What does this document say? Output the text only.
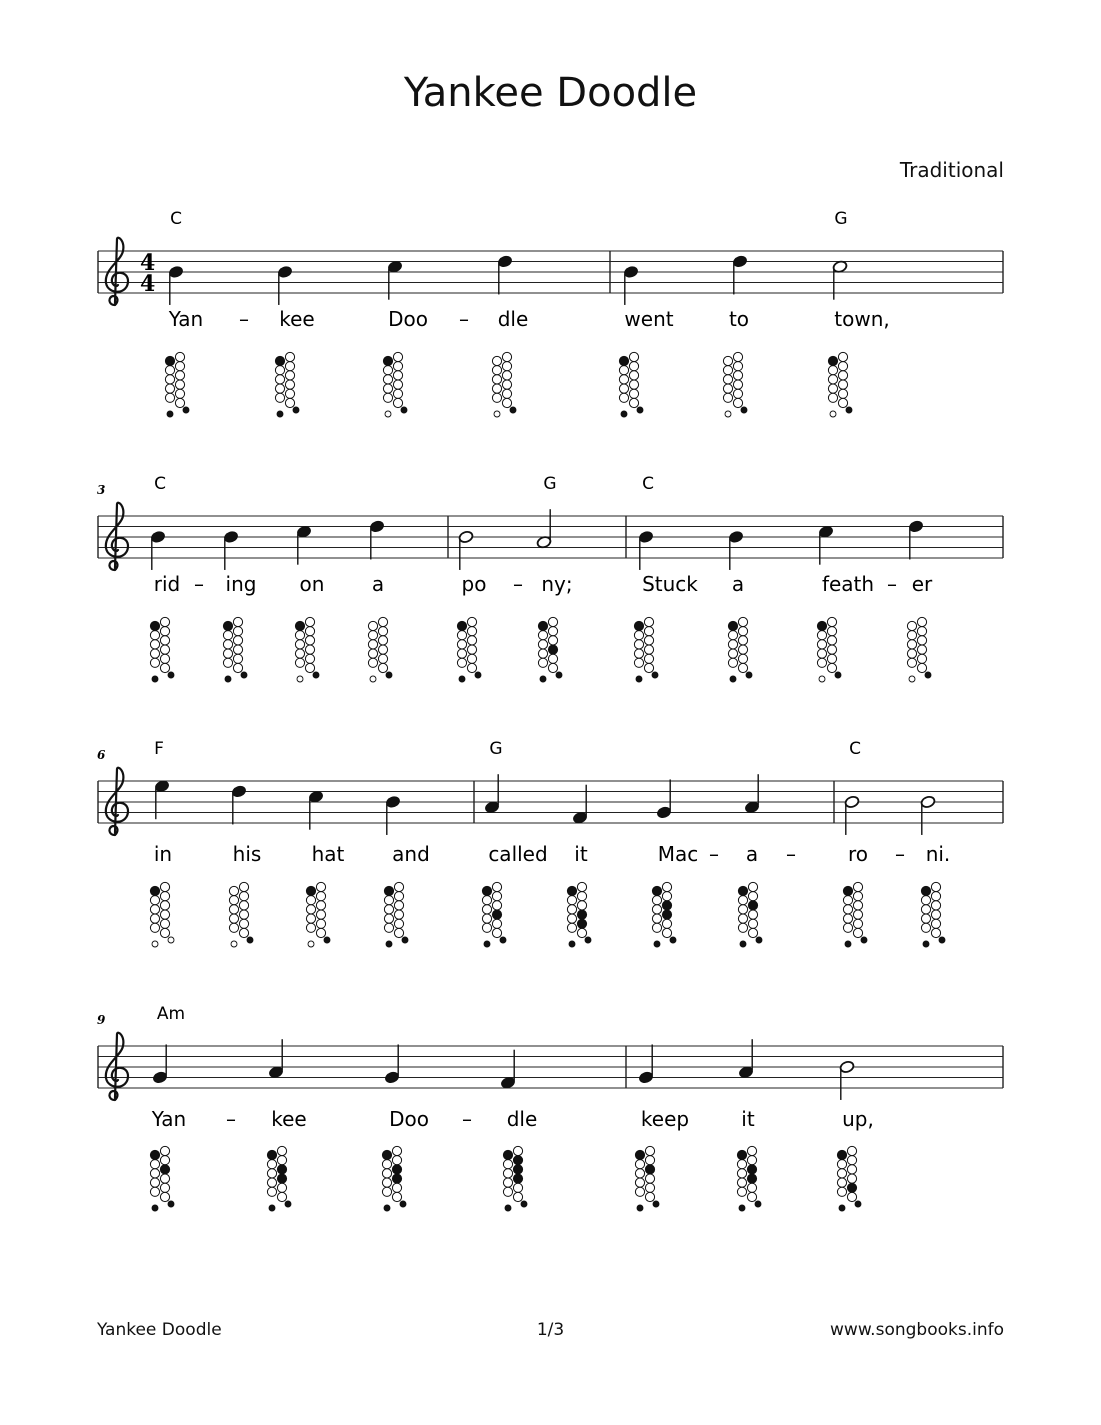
Yankee Doodle
Traditional
4
4
C	G
Yan – kee	Doo – dle	went	to	town,
3	C	G	C
rid – ing on a	po – ny;	Stuck a	feath – er
6	F	G	C
in	his	hat and	called it	Mac – a –	ro – ni.
9	Am
Yan – kee	Doo – dle	keep	it	up,
Yankee Doodle	1/3	www.songbooks.info
